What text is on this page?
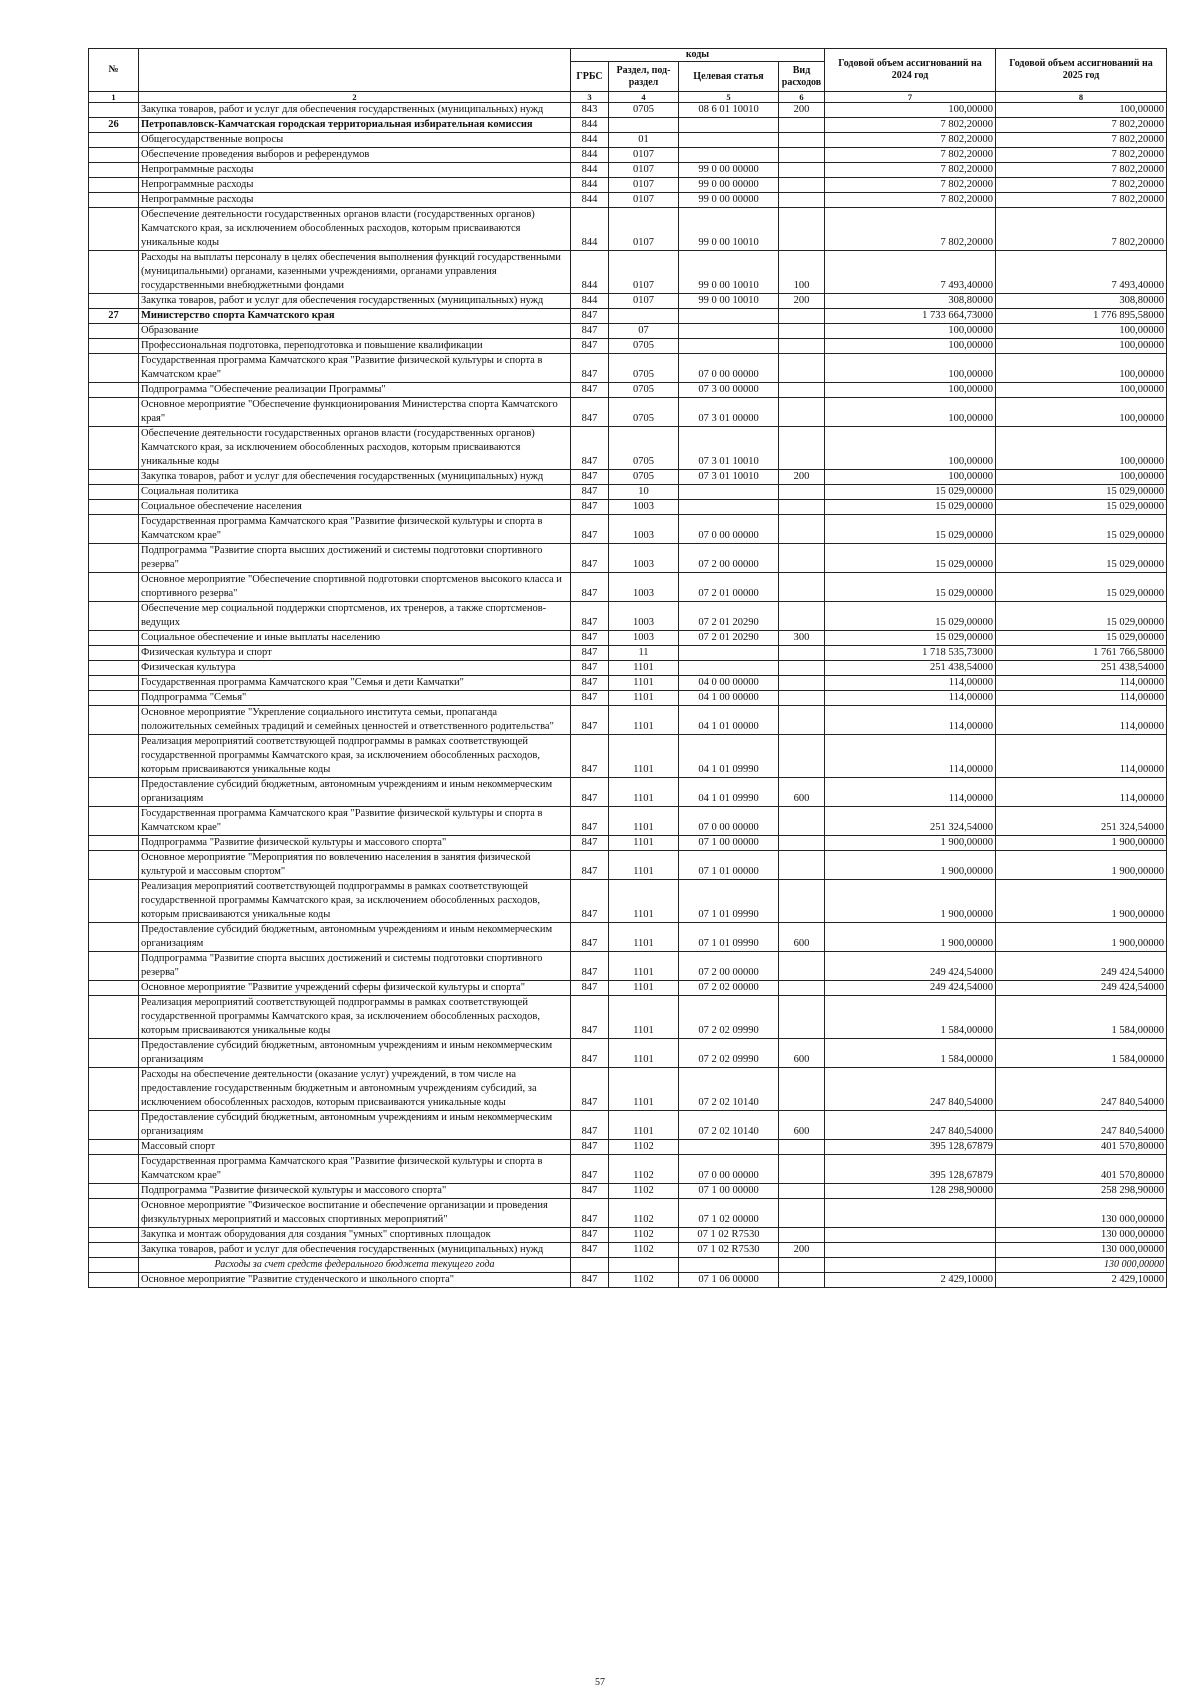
№		коды				Годовой объем ассигнований на 2024 год	Годовой объем ассигнований на 2025 год
		ГРБС	Раздел, под-раздел	Целевая статья	Вид расходов		
1	2	3	4	5	6	7	8
	Закупка товаров, работ и услуг для обеспечения государственных (муниципальных) нужд	843	0705	08 6 01 10010	200	100,00000	100,00000
26	Петропавловск-Камчатская городская территориальная избирательная комиссия	844				7 802,20000	7 802,20000
	Общегосударственные вопросы	844	01			7 802,20000	7 802,20000
	Обеспечение проведения выборов и референдумов	844	0107			7 802,20000	7 802,20000
	Непрограммные расходы	844	0107	99 0 00 00000		7 802,20000	7 802,20000
	Непрограммные расходы	844	0107	99 0 00 00000		7 802,20000	7 802,20000
	Непрограммные расходы	844	0107	99 0 00 00000		7 802,20000	7 802,20000
	Обеспечение деятельности государственных органов власти (государственных органов) Камчатского края, за исключением обособленных расходов, которым присваиваются уникальные коды	844	0107	99 0 00 10010		7 802,20000	7 802,20000
	Расходы на выплаты персоналу в целях обеспечения выполнения функций государственными (муниципальными) органами, казенными учреждениями, органами управления государственными внебюджетными фондами	844	0107	99 0 00 10010	100	7 493,40000	7 493,40000
	Закупка товаров, работ и услуг для обеспечения государственных (муниципальных) нужд	844	0107	99 0 00 10010	200	308,80000	308,80000
27	Министерство спорта Камчатского края	847				1 733 664,73000	1 776 895,58000
	Образование	847	07			100,00000	100,00000
	Профессиональная подготовка, переподготовка и повышение квалификации	847	0705			100,00000	100,00000
	Государственная программа Камчатского края "Развитие физической культуры и спорта в Камчатском крае"	847	0705	07 0 00 00000		100,00000	100,00000
	Подпрограмма "Обеспечение реализации Программы"	847	0705	07 3 00 00000		100,00000	100,00000
	Основное мероприятие "Обеспечение функционирования Министерства спорта Камчатского края"	847	0705	07 3 01 00000		100,00000	100,00000
	Обеспечение деятельности государственных органов власти (государственных органов) Камчатского края, за исключением обособленных расходов, которым присваиваются уникальные коды	847	0705	07 3 01 10010		100,00000	100,00000
	Закупка товаров, работ и услуг для обеспечения государственных (муниципальных) нужд	847	0705	07 3 01 10010	200	100,00000	100,00000
	Социальная политика	847	10			15 029,00000	15 029,00000
	Социальное обеспечение населения	847	1003			15 029,00000	15 029,00000
	Государственная программа Камчатского края "Развитие физической культуры и спорта в Камчатском крае"	847	1003	07 0 00 00000		15 029,00000	15 029,00000
	Подпрограмма "Развитие спорта высших достижений и системы подготовки спортивного резерва"	847	1003	07 2 00 00000		15 029,00000	15 029,00000
	Основное мероприятие "Обеспечение спортивной подготовки спортсменов высокого класса и спортивного резерва"	847	1003	07 2 01 00000		15 029,00000	15 029,00000
	Обеспечение мер социальной поддержки спортсменов, их тренеров, а также спортсменов-ведущих	847	1003	07 2 01 20290		15 029,00000	15 029,00000
	Социальное обеспечение и иные выплаты населению	847	1003	07 2 01 20290	300	15 029,00000	15 029,00000
	Физическая культура и спорт	847	11			1 718 535,73000	1 761 766,58000
	Физическая культура	847	1101			251 438,54000	251 438,54000
	Государственная программа Камчатского края "Семья и дети Камчатки"	847	1101	04 0 00 00000		114,00000	114,00000
	Подпрограмма "Семья"	847	1101	04 1 00 00000		114,00000	114,00000
	Основное мероприятие "Укрепление социального института семьи, пропаганда положительных семейных традиций и семейных ценностей и ответственного родительства"	847	1101	04 1 01 00000		114,00000	114,00000
	Реализация мероприятий соответствующей подпрограммы в рамках соответствующей государственной программы Камчатского края, за исключением обособленных расходов, которым присваиваются уникальные коды	847	1101	04 1 01 09990		114,00000	114,00000
	Предоставление субсидий бюджетным, автономным учреждениям и иным некоммерческим организациям	847	1101	04 1 01 09990	600	114,00000	114,00000
	Государственная программа Камчатского края "Развитие физической культуры и спорта в Камчатском крае"	847	1101	07 0 00 00000		251 324,54000	251 324,54000
	Подпрограмма "Развитие физической культуры и массового спорта"	847	1101	07 1 00 00000		1 900,00000	1 900,00000
	Основное мероприятие "Мероприятия по вовлечению населения в занятия физической культурой и массовым спортом"	847	1101	07 1 01 00000		1 900,00000	1 900,00000
	Реализация мероприятий соответствующей подпрограммы в рамках соответствующей государственной программы Камчатского края, за исключением обособленных расходов, которым присваиваются уникальные коды	847	1101	07 1 01 09990		1 900,00000	1 900,00000
	Предоставление субсидий бюджетным, автономным учреждениям и иным некоммерческим организациям	847	1101	07 1 01 09990	600	1 900,00000	1 900,00000
	Подпрограмма "Развитие спорта высших достижений и системы подготовки спортивного резерва"	847	1101	07 2 00 00000		249 424,54000	249 424,54000
	Основное мероприятие "Развитие учреждений сферы физической культуры и спорта"	847	1101	07 2 02 00000		249 424,54000	249 424,54000
	Реализация мероприятий соответствующей подпрограммы в рамках соответствующей государственной программы Камчатского края, за исключением обособленных расходов, которым присваиваются уникальные коды	847	1101	07 2 02 09990		1 584,00000	1 584,00000
	Предоставление субсидий бюджетным, автономным учреждениям и иным некоммерческим организациям	847	1101	07 2 02 09990	600	1 584,00000	1 584,00000
	Расходы на обеспечение деятельности (оказание услуг) учреждений, в том числе на предоставление государственным бюджетным и автономным учреждениям субсидий, за исключением обособленных расходов, которым присваиваются уникальные коды	847	1101	07 2 02 10140		247 840,54000	247 840,54000
	Предоставление субсидий бюджетным, автономным учреждениям и иным некоммерческим организациям	847	1101	07 2 02 10140	600	247 840,54000	247 840,54000
	Массовый спорт	847	1102			395 128,67879	401 570,80000
	Государственная программа Камчатского края "Развитие физической культуры и спорта в Камчатском крае"	847	1102	07 0 00 00000		395 128,67879	401 570,80000
	Подпрограмма "Развитие физической культуры и массового спорта"	847	1102	07 1 00 00000		128 298,90000	258 298,90000
	Основное мероприятие "Физическое воспитание и обеспечение организации и проведения физкультурных мероприятий и массовых спортивных мероприятий"	847	1102	07 1 02 00000			130 000,00000
	Закупка и монтаж оборудования для создания "умных" спортивных площадок	847	1102	07 1 02 R7530			130 000,00000
	Закупка товаров, работ и услуг для обеспечения государственных (муниципальных) нужд	847	1102	07 1 02 R7530	200		130 000,00000
	Расходы за счет средств федерального бюджета текущего года						130 000,00000
	Основное мероприятие "Развитие студенческого и школьного спорта"	847	1102	07 1 06 00000		2 429,10000	2 429,10000
57
